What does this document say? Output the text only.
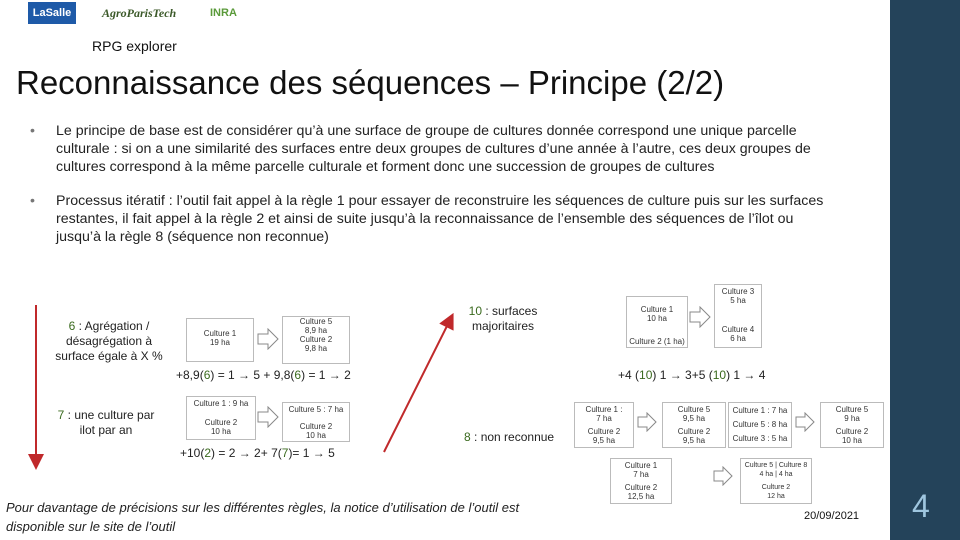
LaSalle	AgroParisTech	INRA
4
RPG explorer
Reconnaissance des séquences – Principe (2/2)
•	Le principe de base est de considérer qu’à une surface de groupe de cultures donnée correspond une unique parcelle culturale : si on a une similarité des surfaces entre deux groupes de cultures d’une année à l’autre, ces deux groupes de cultures correspond à la même parcelle culturale et forment donc une succession de groupes de cultures
•	Processus itératif : l’outil fait appel à la règle 1 pour essayer de reconstruire les séquences de culture puis sur les surfaces restantes, il fait appel à la règle 2 et ainsi de suite jusqu’à la reconnaissance de l’ensemble des séquences de l’îlot ou jusqu’à la règle 8 (séquence non reconnue)
6 : Agrégation / désagrégation à surface égale à X %
Culture 1
19 ha
Culture 5
8,9 ha
Culture 2
9,8 ha
+8,9(6) = 1 → 5 + 9,8(6) = 1 → 2
7 : une culture par ilot par an
Culture 1 : 9 ha
Culture 2
10 ha
Culture 5 : 7 ha
Culture 2
10 ha
+10(2) = 2 → 2+ 7(7)= 1 → 5
10 : surfaces majoritaires
Culture 1
10 ha
Culture 2 (1 ha)
Culture 3
5 ha
Culture 4
6 ha
+4 (10) 1 → 3+5 (10) 1 → 4
8 : non reconnue
Culture 1 :
7 ha
Culture 2
9,5 ha
Culture 5
9,5 ha
Culture 2
9,5 ha
Culture 1 : 7 ha
Culture 5 : 8 ha
Culture 3 : 5 ha
Culture 5
9 ha
Culture 2
10 ha
Culture 1
7 ha
Culture 2
12,5 ha
Culture 5 | Culture 8
4 ha | 4 ha
Culture 2
12 ha
Pour davantage de précisions sur les différentes règles, la notice d’utilisation de l’outil est disponible sur le site de l’outil
20/09/2021
